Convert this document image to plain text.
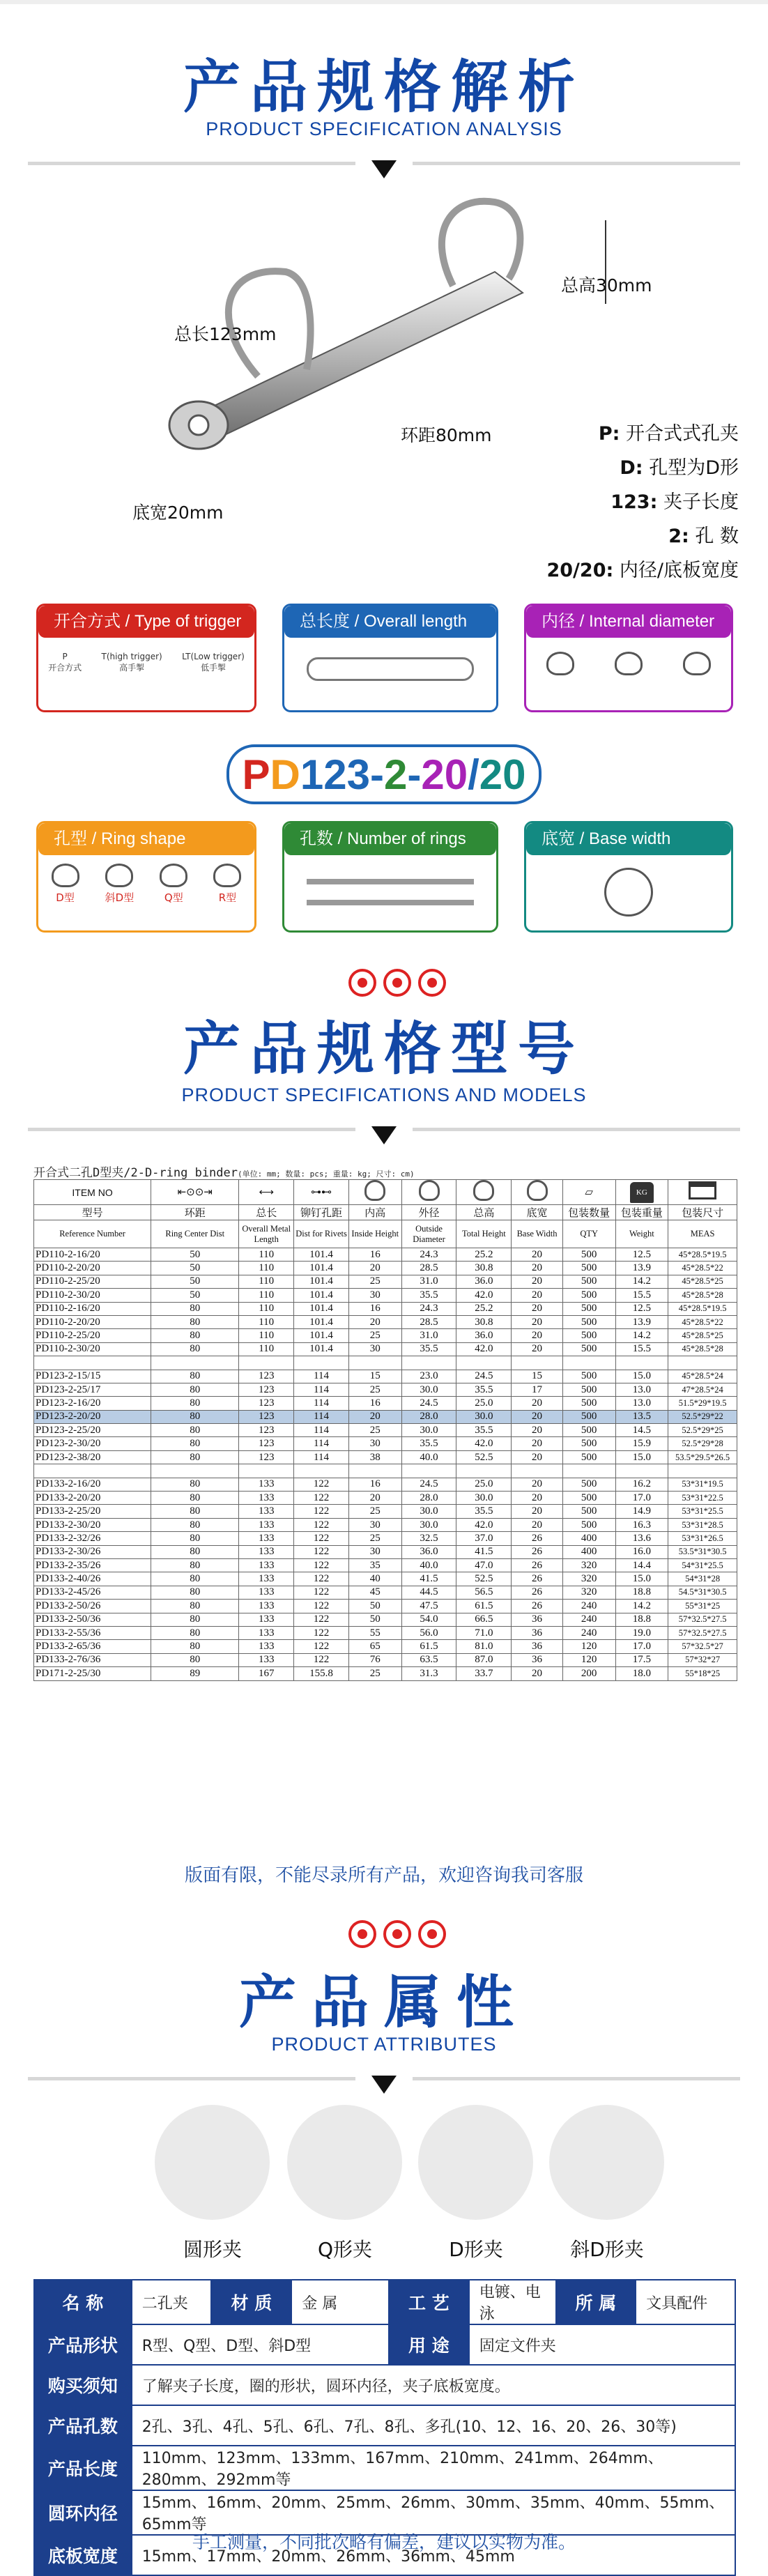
产品规格解析
PRODUCT SPECIFICATION ANALYSIS
总高30mm
总长123mm
环距80mm
底宽20mm
P: 开合式式孔夹
D: 孔型为D形
123: 夹子长度
2: 孔 数
20/20: 内径/底板宽度
开合方式 / Type of trigger
P
开合方式
T(high trigger)
高手掣
LT(Low trigger)
低手掣
总长度 / Overall length	内径 / Internal diameter
PD123-2-20/20
孔型 / Ring shape
D型	斜D型	Q型	R型
孔数 / Number of rings	底宽 / Base width
产品规格型号
PRODUCT SPECIFICATIONS AND MODELS
开合式二孔D型夹/2-D-ring binder(单位: mm; 数量: pcs; 重量: kg; 尺寸: cm)
ITEM NO	⇤⊙⊙⇥	⟷	⊶⊷					▱	KG	
型号	环距	总长	铆钉孔距	内高	外径	总高	底宽	包装数量	包装重量	包装尺寸
Reference Number	Ring Center Dist	Overall Metal Length	Dist for Rivets	Inside Height	Outside Diameter	Total Height	Base Width	QTY	Weight	MEAS
PD110-2-16/20	50	110	101.4	16	24.3	25.2	20	500	12.5	45*28.5*19.5
PD110-2-20/20	50	110	101.4	20	28.5	30.8	20	500	13.9	45*28.5*22
PD110-2-25/20	50	110	101.4	25	31.0	36.0	20	500	14.2	45*28.5*25
PD110-2-30/20	50	110	101.4	30	35.5	42.0	20	500	15.5	45*28.5*28
PD110-2-16/20	80	110	101.4	16	24.3	25.2	20	500	12.5	45*28.5*19.5
PD110-2-20/20	80	110	101.4	20	28.5	30.8	20	500	13.9	45*28.5*22
PD110-2-25/20	80	110	101.4	25	31.0	36.0	20	500	14.2	45*28.5*25
PD110-2-30/20	80	110	101.4	30	35.5	42.0	20	500	15.5	45*28.5*28

PD123-2-15/15	80	123	114	15	23.0	24.5	15	500	15.0	45*28.5*24
PD123-2-25/17	80	123	114	25	30.0	35.5	17	500	13.0	47*28.5*24
PD123-2-16/20	80	123	114	16	24.5	25.0	20	500	13.0	51.5*29*19.5
PD123-2-20/20	80	123	114	20	28.0	30.0	20	500	13.5	52.5*29*22
PD123-2-25/20	80	123	114	25	30.0	35.5	20	500	14.5	52.5*29*25
PD123-2-30/20	80	123	114	30	35.5	42.0	20	500	15.9	52.5*29*28
PD123-2-38/20	80	123	114	38	40.0	52.5	20	500	15.0	53.5*29.5*26.5

PD133-2-16/20	80	133	122	16	24.5	25.0	20	500	16.2	53*31*19.5
PD133-2-20/20	80	133	122	20	28.0	30.0	20	500	17.0	53*31*22.5
PD133-2-25/20	80	133	122	25	30.0	35.5	20	500	14.9	53*31*25.5
PD133-2-30/20	80	133	122	30	30.0	42.0	20	500	16.3	53*31*28.5
PD133-2-32/26	80	133	122	25	32.5	37.0	26	400	13.6	53*31*26.5
PD133-2-30/26	80	133	122	30	36.0	41.5	26	400	16.0	53.5*31*30.5
PD133-2-35/26	80	133	122	35	40.0	47.0	26	320	14.4	54*31*25.5
PD133-2-40/26	80	133	122	40	41.5	52.5	26	320	15.0	54*31*28
PD133-2-45/26	80	133	122	45	44.5	56.5	26	320	18.8	54.5*31*30.5
PD133-2-50/26	80	133	122	50	47.5	61.5	26	240	14.2	55*31*25
PD133-2-50/36	80	133	122	50	54.0	66.5	36	240	18.8	57*32.5*27.5
PD133-2-55/36	80	133	122	55	56.0	71.0	36	240	19.0	57*32.5*27.5
PD133-2-65/36	80	133	122	65	61.5	81.0	36	120	17.0	57*32.5*27
PD133-2-76/36	80	133	122	76	63.5	87.0	36	120	17.5	57*32*27
PD171-2-25/30	89	167	155.8	25	31.3	33.7	20	200	18.0	55*18*25
版面有限，不能尽录所有产品，欢迎咨询我司客服
产品属性
PRODUCT ATTRIBUTES
圆形夹	Q形夹	D形夹	斜D形夹
名 称	二孔夹	材 质	金 属	工 艺	电镀、电泳	所 属	文具配件
产品形状	R型、Q型、D型、斜D型			用 途	固定文件夹		
购买须知	了解夹子长度，圈的形状，圆环内径，夹子底板宽度。						
产品孔数	2孔、3孔、4孔、5孔、6孔、7孔、8孔、多孔(10、12、16、20、26、30等)						
产品长度	110mm、123mm、133mm、167mm、210mm、241mm、264mm、280mm、292mm等						
圆环内径	15mm、16mm、20mm、25mm、26mm、30mm、35mm、40mm、55mm、65mm等						
底板宽度	15mm、17mm、20mm、26mm、36mm、45mm						
手工测量，不同批次略有偏差，建议以实物为准。
